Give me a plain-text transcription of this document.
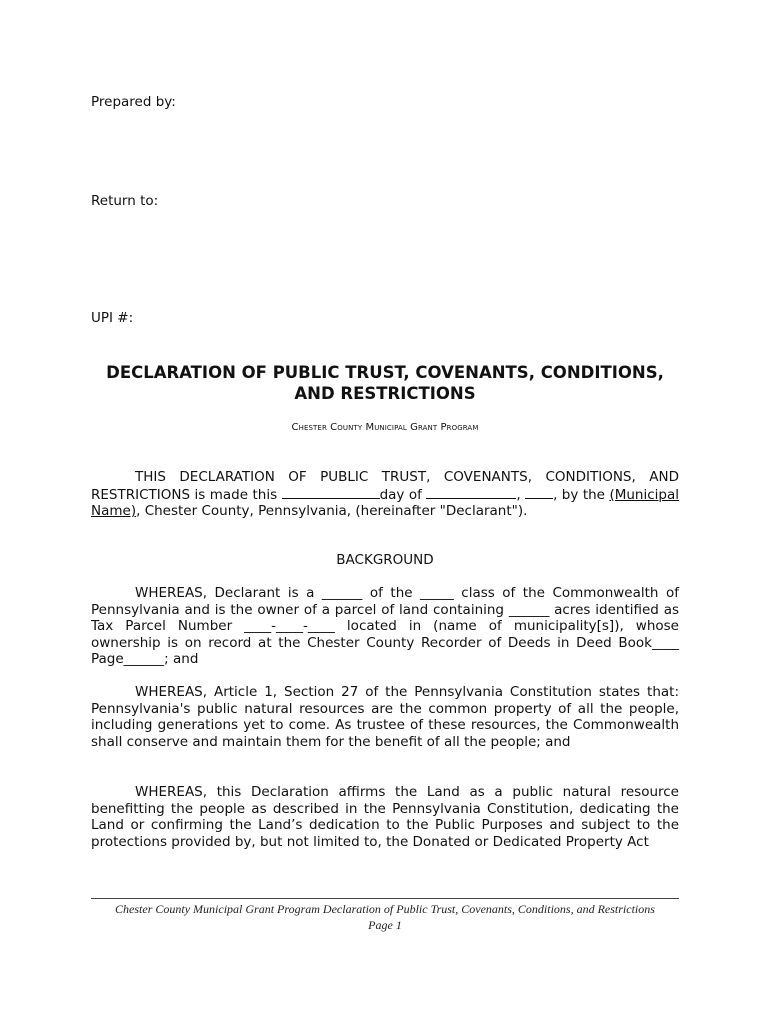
Prepared by:
Return to:
UPI #:
DECLARATION OF PUBLIC TRUST, COVENANTS, CONDITIONS,
AND RESTRICTIONS
Chester County Municipal Grant Program

THIS DECLARATION OF PUBLIC TRUST, COVENANTS, CONDITIONS, AND RESTRICTIONS is made this	day of	, , by the (Municipal Name), Chester County, Pennsylvania, (hereinafter "Declarant").

BACKGROUND

WHEREAS, Declarant is a ______ of the _____ class of the Commonwealth of Pennsylvania and is the owner of a parcel of land containing ______ acres identified as Tax Parcel Number ____-____-____ located in (name of municipality[s]), whose ownership is on record at the Chester County Recorder of Deeds in Deed Book____ Page______; and

WHEREAS, Article 1, Section 27 of the Pennsylvania Constitution states that: Pennsylvania's public natural resources are the common property of all the people, including generations yet to come. As trustee of these resources, the Commonwealth shall conserve and maintain them for the benefit of all the people; and

WHEREAS, this Declaration affirms the Land as a public natural resource benefitting the people as described in the Pennsylvania Constitution, dedicating the Land or confirming the Land’s dedication to the Public Purposes and subject to the protections provided by, but not limited to, the Donated or Dedicated Property Act

Chester County Municipal Grant Program Declaration of Public Trust, Covenants, Conditions, and Restrictions
Page 1
